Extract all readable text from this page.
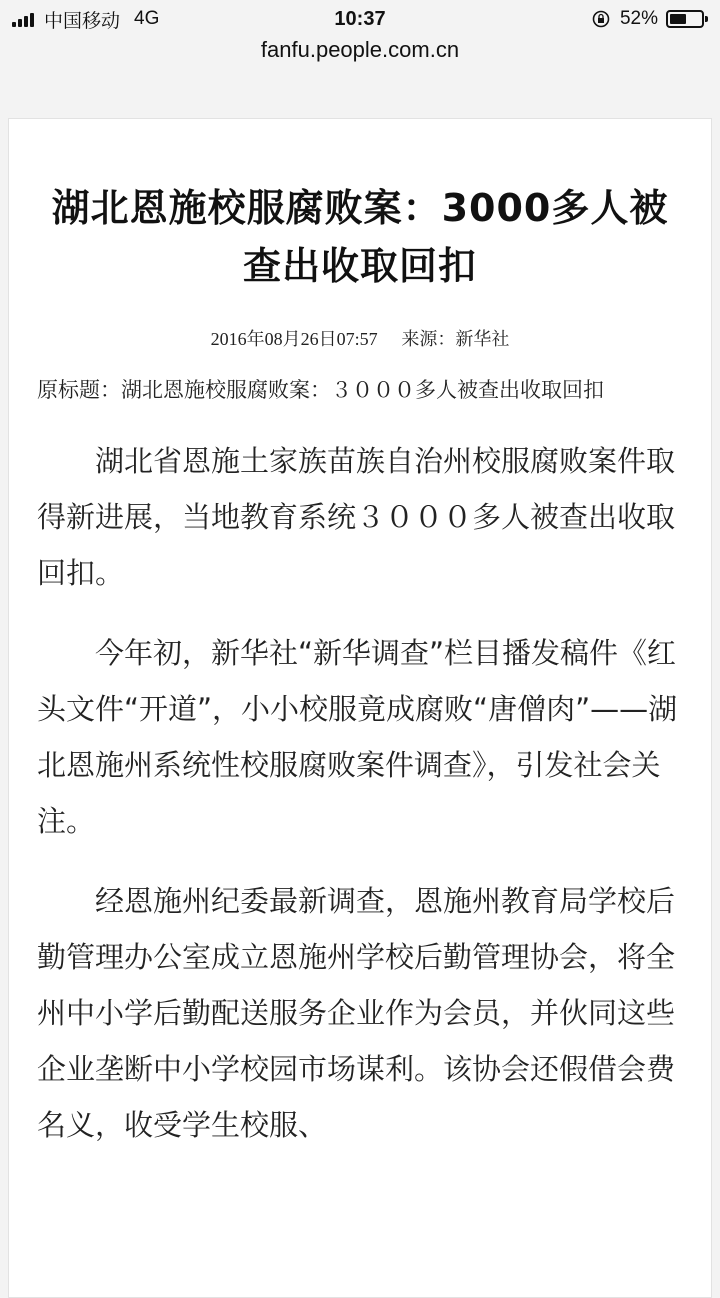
中国移动 4G	10:37	52%
fanfu.people.com.cn
湖北恩施校服腐败案：3000多人被查出收取回扣
2016年08月26日07:57 来源：新华社
原标题：湖北恩施校服腐败案：３０００多人被查出收取回扣

湖北省恩施土家族苗族自治州校服腐败案件取得新进展，当地教育系统３０００多人被查出收取回扣。

今年初，新华社“新华调查”栏目播发稿件《红头文件“开道”，小小校服竟成腐败“唐僧肉”——湖北恩施州系统性校服腐败案件调查》，引发社会关注。

经恩施州纪委最新调查，恩施州教育局学校后勤管理办公室成立恩施州学校后勤管理协会，将全州中小学后勤配送服务企业作为会员，并伙同这些企业垄断中小学校园市场谋利。该协会还假借会费名义，收受学生校服、
